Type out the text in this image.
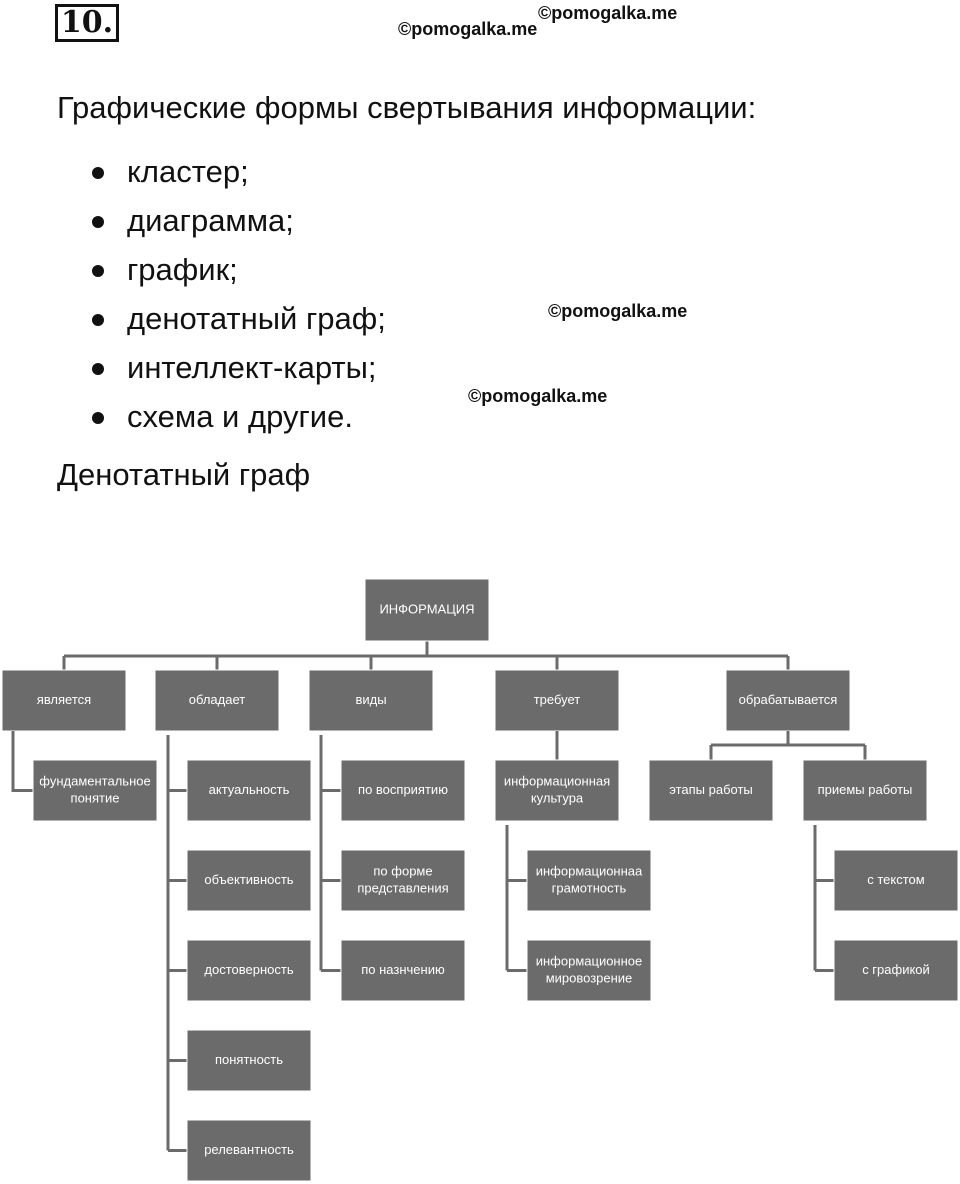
10.	©pomogalka.me
©pomogalka.me
Графические формы свертывания информации:
кластер;
диаграмма;
график;
денотатный граф;
интеллект-карты;
схема и другие.
©pomogalka.me
©pomogalka.me
Денотатный граф
ИНФОРМАЦИЯ
является	обладает	виды	требует	обрабатывается
фундаментальное
понятие
актуальность
объективность
достоверность
понятность
релевантность
по восприятию
по форме
представления
по назнчению
информационная
культура
информационнаа
грамотность
информационное
мировозрение
этапы работы	приемы работы
с текстом
с графикой
